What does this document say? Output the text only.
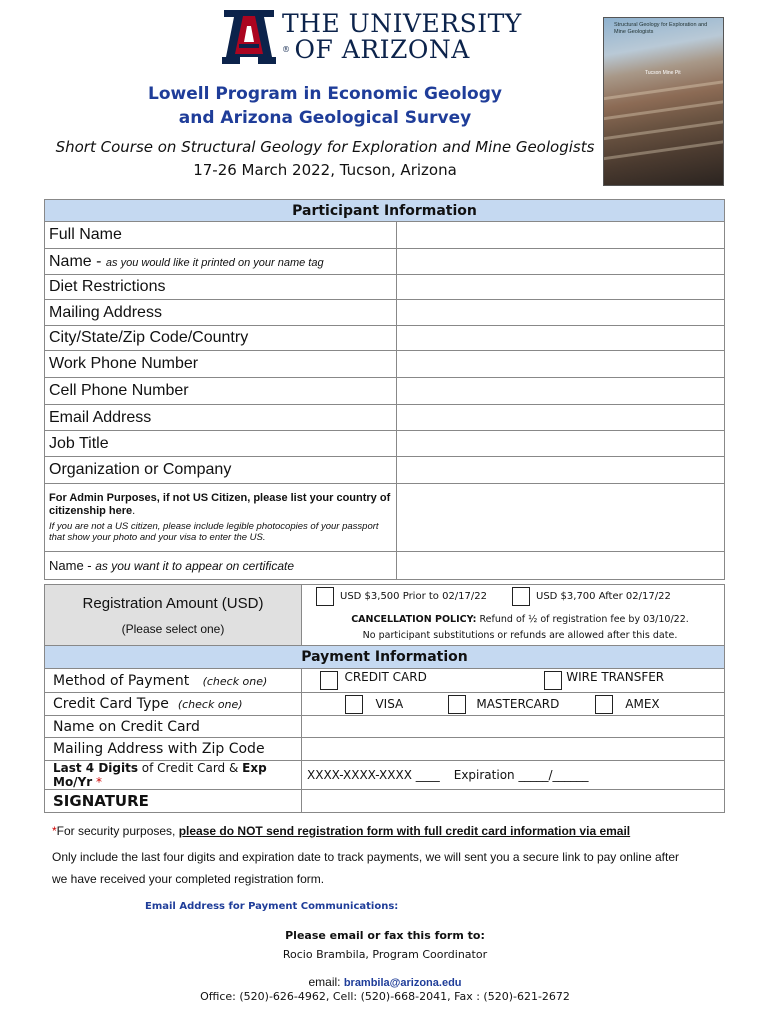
THE UNIVERSITY
® OF ARIZONA
Lowell Program in Economic Geology
and Arizona Geological Survey
Short Course on Structural Geology for Exploration and Mine Geologists
17-26 March 2022, Tucson, Arizona
Structural Geology for Exploration and Mine Geologists
Tucson Mine Pit
Participant Information	
Full Name	
Name - as you would like it printed on your name tag	
Diet Restrictions	
Mailing Address	
City/State/Zip Code/Country	
Work Phone Number	
Cell Phone Number	
Email Address	
Job Title	
Organization or Company	

For Admin Purposes, if not US Citizen, please list your country of citizenship here.
If you are not a US citizen, please include legible photocopies of your passport that show your photo and your visa to enter the US.	

Name - as you want it to appear on certificate	
Registration Amount (USD)
(Please select one)

USD $3,500 Prior to 02/17/22	USD $3,700 After 02/17/22
CANCELLATION POLICY: Refund of ½ of registration fee by 03/10/22.
No participant substitutions or refunds are allowed after this date.
Payment Information	
Method of Payment (check one)	$^{CREDIT CARD}$ $^{WIRE TRANSFER}$
Credit Card Type (check one)	VISA MASTERCARD AMEX
Name on Credit Card	
Mailing Address with Zip Code	
Last 4 Digits of Credit Card & Exp Mo/Yr *	XXXX-XXXX-XXXX ____ Expiration _____/______
SIGNATURE	
*For security purposes, please do NOT send registration form with full credit card information via email
Only include the last four digits and expiration date to track payments, we will sent you a secure link to pay online after
we have received your completed registration form.
Email Address for Payment Communications:
Please email or fax this form to:
Rocio Brambila, Program Coordinator
email: brambila@arizona.edu
Office: (520)-626-4962, Cell: (520)-668-2041, Fax : (520)-621-2672
